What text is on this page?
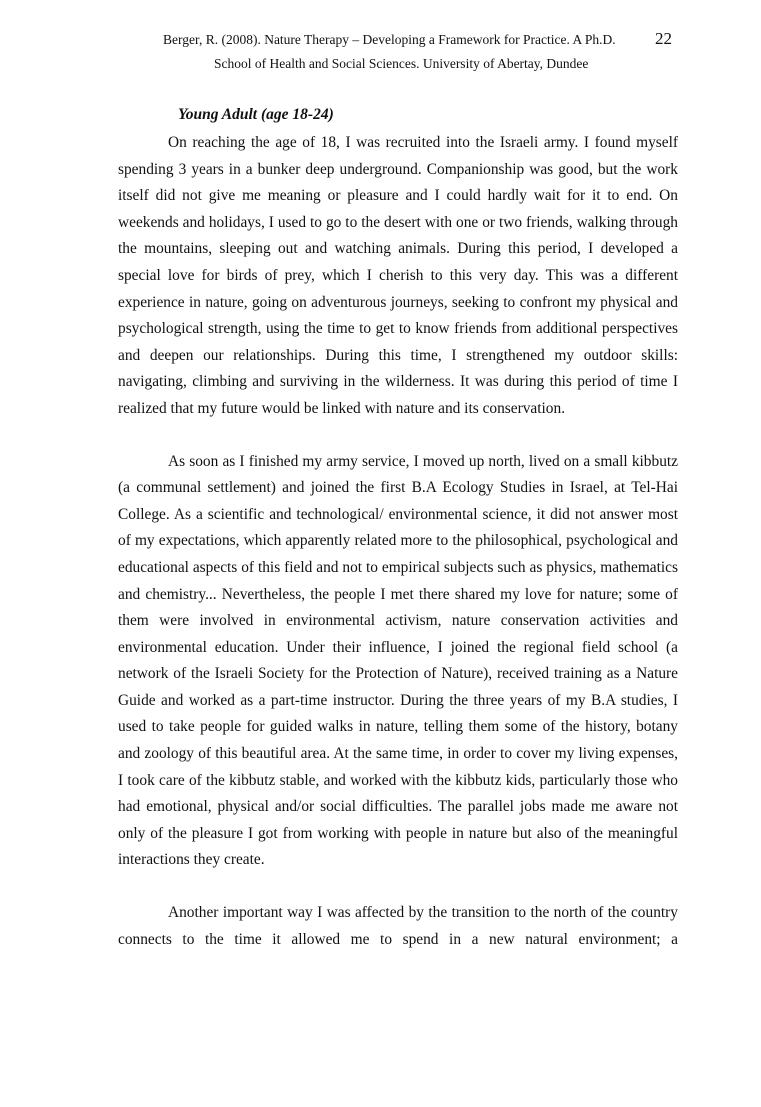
Berger, R. (2008). Nature Therapy – Developing a Framework for Practice. A Ph.D. 22
School of Health and Social Sciences. University of Abertay, Dundee
Young Adult (age 18-24)

On reaching the age of 18, I was recruited into the Israeli army. I found myself spending 3 years in a bunker deep underground. Companionship was good, but the work itself did not give me meaning or pleasure and I could hardly wait for it to end. On weekends and holidays, I used to go to the desert with one or two friends, walking through the mountains, sleeping out and watching animals. During this period, I developed a special love for birds of prey, which I cherish to this very day. This was a different experience in nature, going on adventurous journeys, seeking to confront my physical and psychological strength, using the time to get to know friends from additional perspectives and deepen our relationships. During this time, I strengthened my outdoor skills: navigating, climbing and surviving in the wilderness. It was during this period of time I realized that my future would be linked with nature and its conservation.

As soon as I finished my army service, I moved up north, lived on a small kibbutz (a communal settlement) and joined the first B.A Ecology Studies in Israel, at Tel-Hai College. As a scientific and technological/ environmental science, it did not answer most of my expectations, which apparently related more to the philosophical, psychological and educational aspects of this field and not to empirical subjects such as physics, mathematics and chemistry... Nevertheless, the people I met there shared my love for nature; some of them were involved in environmental activism, nature conservation activities and environmental education. Under their influence, I joined the regional field school (a network of the Israeli Society for the Protection of Nature), received training as a Nature Guide and worked as a part-time instructor. During the three years of my B.A studies, I used to take people for guided walks in nature, telling them some of the history, botany and zoology of this beautiful area. At the same time, in order to cover my living expenses, I took care of the kibbutz stable, and worked with the kibbutz kids, particularly those who had emotional, physical and/or social difficulties. The parallel jobs made me aware not only of the pleasure I got from working with people in nature but also of the meaningful interactions they create.

Another important way I was affected by the transition to the north of the country connects to the time it allowed me to spend in a new natural environment; a
